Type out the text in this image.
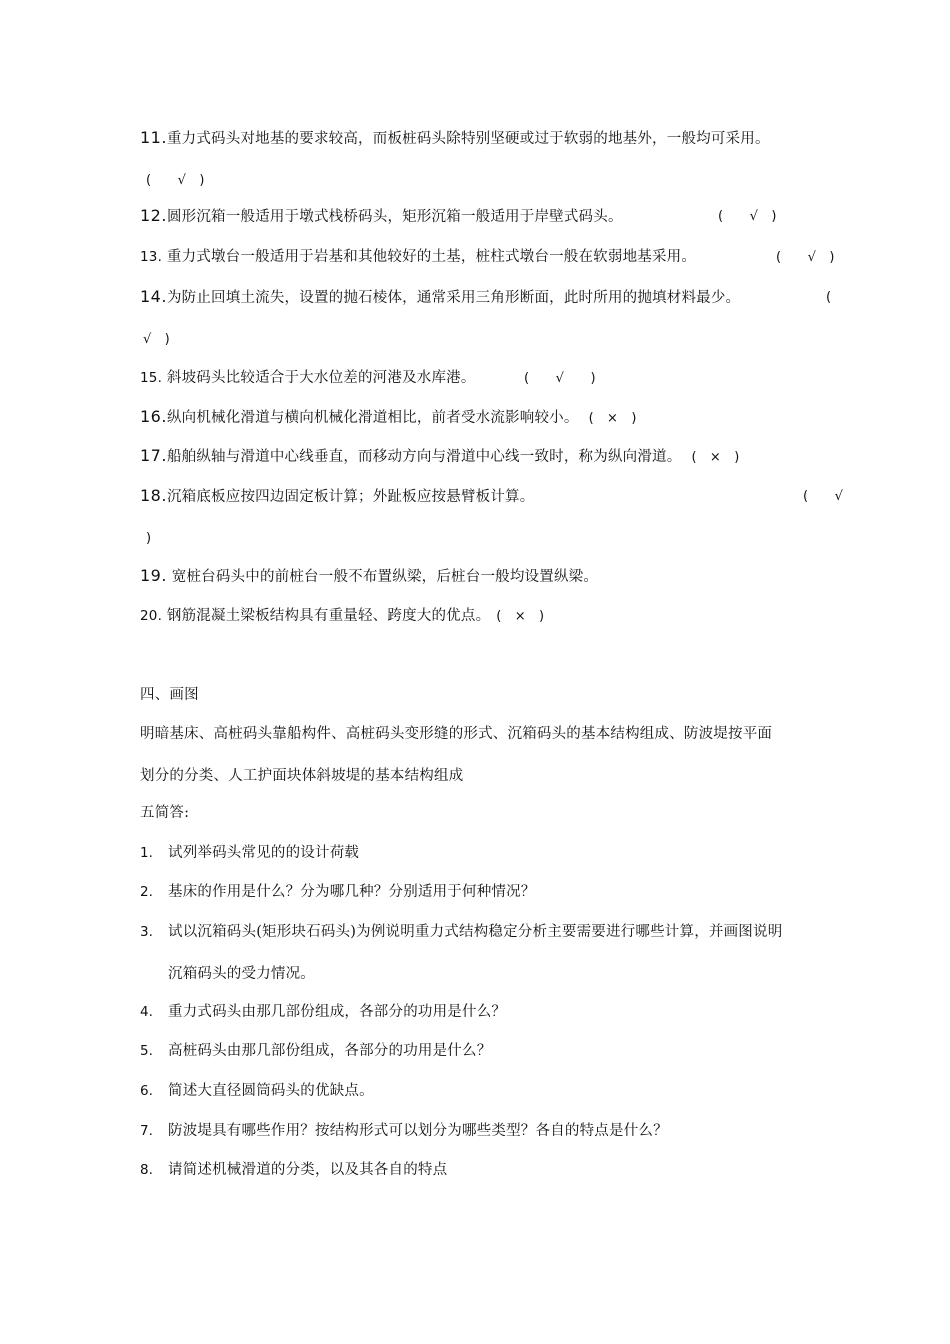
11.重力式码头对地基的要求较高，而板桩码头除特别坚硬或过于软弱的地基外，一般均可采用。
(　　√　)
12.圆形沉箱一般适用于墩式栈桥码头，矩形沉箱一般适用于岸壁式码头。	(　　√　)
13. 重力式墩台一般适用于岩基和其他较好的土基，桩柱式墩台一般在软弱地基采用。	(　　√　)
14.为防止回填土流失，设置的抛石棱体，通常采用三角形断面，此时所用的抛填材料最少。	(
√　)
15. 斜坡码头比较适合于大水位差的河港及水库港。	(　　√　　)
16.纵向机械化滑道与横向机械化滑道相比，前者受水流影响较小。 (　×　)
17.船舶纵轴与滑道中心线垂直，而移动方向与滑道中心线一致时，称为纵向滑道。 (　×　)
18.沉箱底板应按四边固定板计算；外趾板应按悬臂板计算。	(　　√
)
19. 宽桩台码头中的前桩台一般不布置纵梁，后桩台一般均设置纵梁。
20. 钢筋混凝土梁板结构具有重量轻、跨度大的优点。 (　×　)
四、画图
明暗基床、高桩码头靠船构件、高桩码头变形缝的形式、沉箱码头的基本结构组成、防波堤按平面
划分的分类、人工护面块体斜坡堤的基本结构组成
五简答:
1. 试列举码头常见的的设计荷载
2. 基床的作用是什么？分为哪几种？分别适用于何种情况？
3. 试以沉箱码头(矩形块石码头)为例说明重力式结构稳定分析主要需要进行哪些计算，并画图说明
沉箱码头的受力情况。
4. 重力式码头由那几部份组成，各部分的功用是什么？
5. 高桩码头由那几部份组成，各部分的功用是什么？
6. 简述大直径圆筒码头的优缺点。
7. 防波堤具有哪些作用？按结构形式可以划分为哪些类型？各自的特点是什么？
8. 请简述机械滑道的分类，以及其各自的特点
